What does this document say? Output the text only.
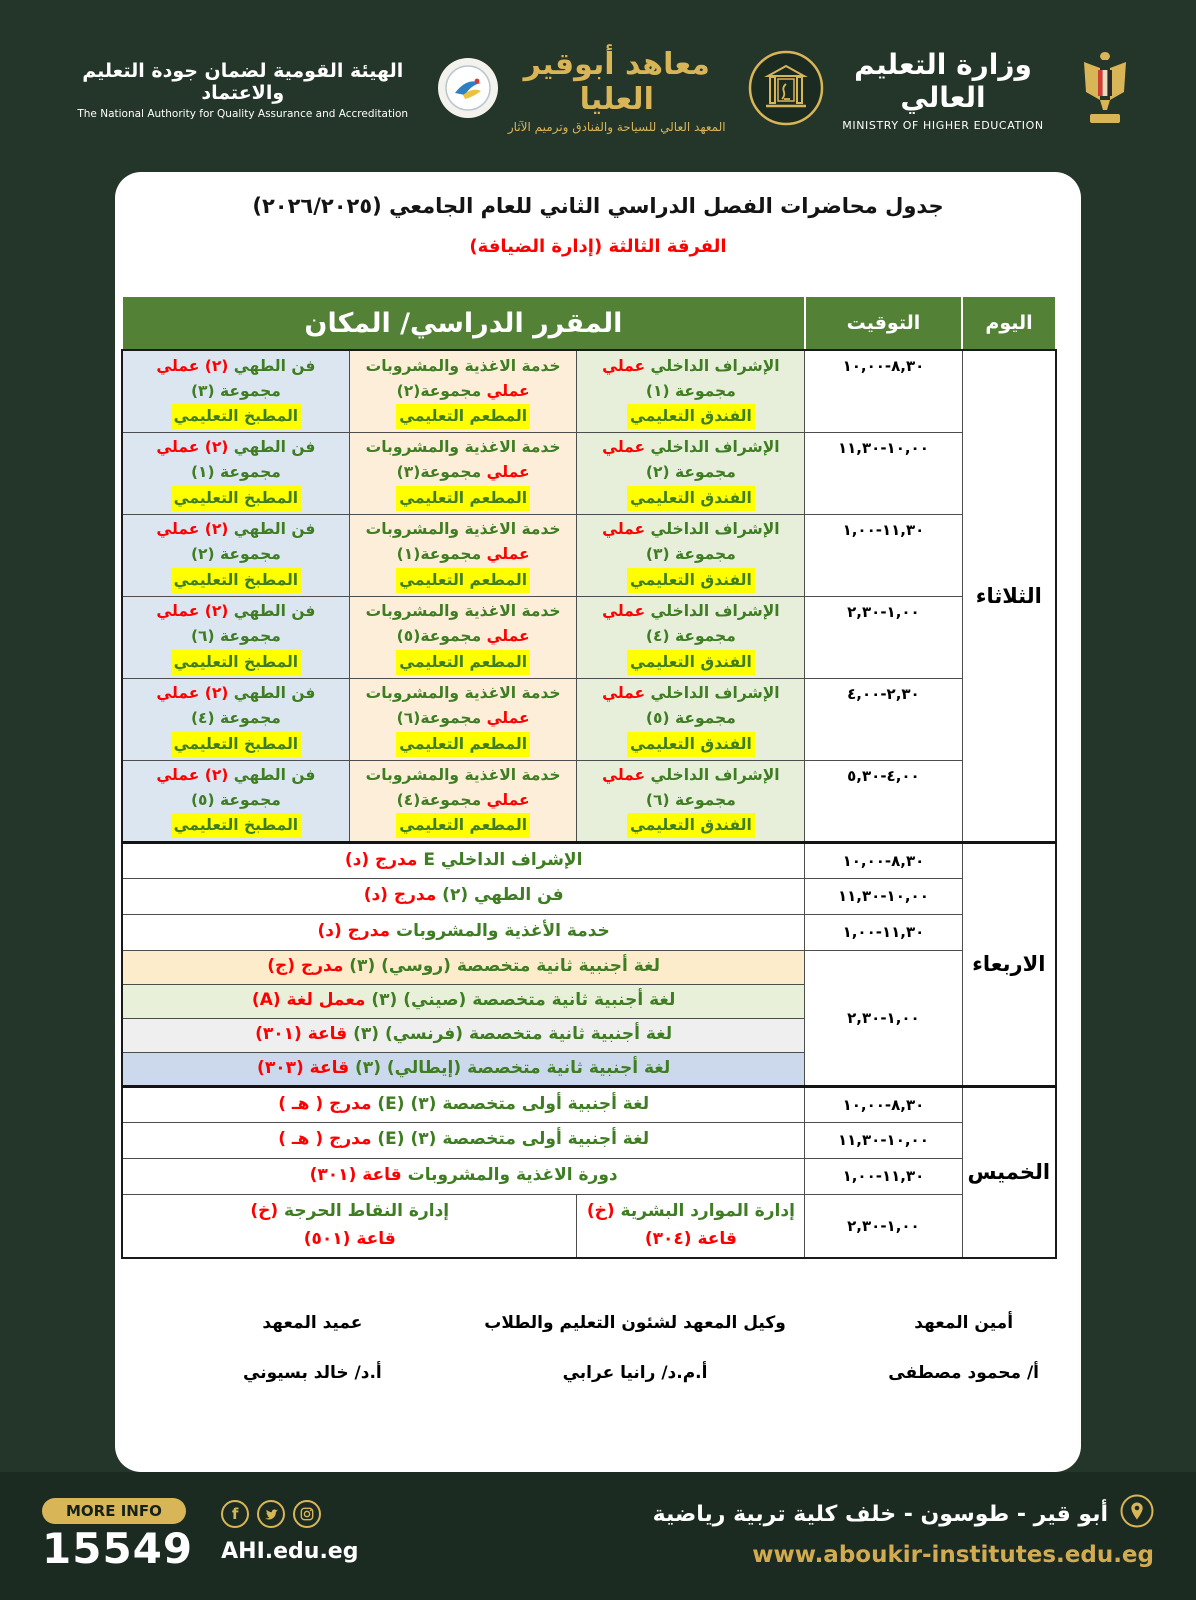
الهيئة القومية لضمان جودة التعليم والاعتماد
The National Authority for Quality Assurance and Accreditation
معاهد أبوقير العليا
المعهد العالي للسياحة والفنادق وترميم الآثار
وزارة التعليم العالي
MINISTRY OF HIGHER EDUCATION
جدول محاضرات الفصل الدراسي الثاني للعام الجامعي (٢٠٢٦/٢٠٢٥)
الفرقة الثالثة (إدارة الضيافة)
اليوم	التوقيت	المقرر الدراسي/ المكان		
الثلاثاء	٨,٣٠-١٠,٠٠	
الإشراف الداخلي عملي
مجموعة (١)
الفندق التعليمي

خدمة الاغذية والمشروبات
عملي مجموعة(٢)
المطعم التعليمي

فن الطهي (٢) عملي
مجموعة (٣)
المطبخ التعليمي

١٠,٠٠-١١,٣٠	
الإشراف الداخلي عملي
مجموعة (٢)
الفندق التعليمي

خدمة الاغذية والمشروبات
عملي مجموعة(٣)
المطعم التعليمي

فن الطهي (٢) عملي
مجموعة (١)
المطبخ التعليمي

١١,٣٠-١,٠٠	
الإشراف الداخلي عملي
مجموعة (٣)
الفندق التعليمي

خدمة الاغذية والمشروبات
عملي مجموعة(١)
المطعم التعليمي

فن الطهي (٢) عملي
مجموعة (٢)
المطبخ التعليمي

١,٠٠-٢,٣٠	
الإشراف الداخلي عملي
مجموعة (٤)
الفندق التعليمي

خدمة الاغذية والمشروبات
عملي مجموعة(٥)
المطعم التعليمي

فن الطهي (٢) عملي
مجموعة (٦)
المطبخ التعليمي

٢,٣٠-٤,٠٠	
الإشراف الداخلي عملي
مجموعة (٥)
الفندق التعليمي

خدمة الاغذية والمشروبات
عملي مجموعة(٦)
المطعم التعليمي

فن الطهي (٢) عملي
مجموعة (٤)
المطبخ التعليمي

٤,٠٠-٥,٣٠	
الإشراف الداخلي عملي
مجموعة (٦)
الفندق التعليمي

خدمة الاغذية والمشروبات
عملي مجموعة(٤)
المطعم التعليمي

فن الطهي (٢) عملي
مجموعة (٥)
المطبخ التعليمي

الاربعاء	٨,٣٠-١٠,٠٠	الإشراف الداخلي E مدرج (د)		

	١٠,٠٠-١١,٣٠	فن الطهي (٢) مدرج (د)		

	١١,٣٠-١,٠٠	خدمة الأغذية والمشروبات مدرج (د)		

	١,٠٠-٢,٣٠	لغة أجنبية ثانية متخصصة (روسي) (٣) مدرج (ج)		

		لغة أجنبية ثانية متخصصة (صيني) (٣) معمل لغة (A)		

		لغة أجنبية ثانية متخصصة (فرنسي) (٣) قاعة (٣٠١)		

		لغة أجنبية ثانية متخصصة (إيطالي) (٣) قاعة (٣٠٣)		

الخميس	٨,٣٠-١٠,٠٠	لغة أجنبية أولى متخصصة (٣) (E) مدرج ( هـ )		

	١٠,٠٠-١١,٣٠	لغة أجنبية أولى متخصصة (٣) (E) مدرج ( هـ )		

	١١,٣٠-١,٠٠	دورة الاغذية والمشروبات قاعة (٣٠١)		

١,٠٠-٢,٣٠	
إدارة الموارد البشرية (خ)
قاعة (٣٠٤)

إدارة النقاط الحرجة (خ)
قاعة (٥٠١)
أمين المعهد
أ/ محمود مصطفى
وكيل المعهد لشئون التعليم والطلاب
أ.م.د/ رانيا عرابي
عميد المعهد
أ.د/ خالد بسيوني
MORE INFO
15549
f
AHI.edu.eg
أبو قير - طوسون - خلف كلية تربية رياضية
www.aboukir-institutes.edu.eg
